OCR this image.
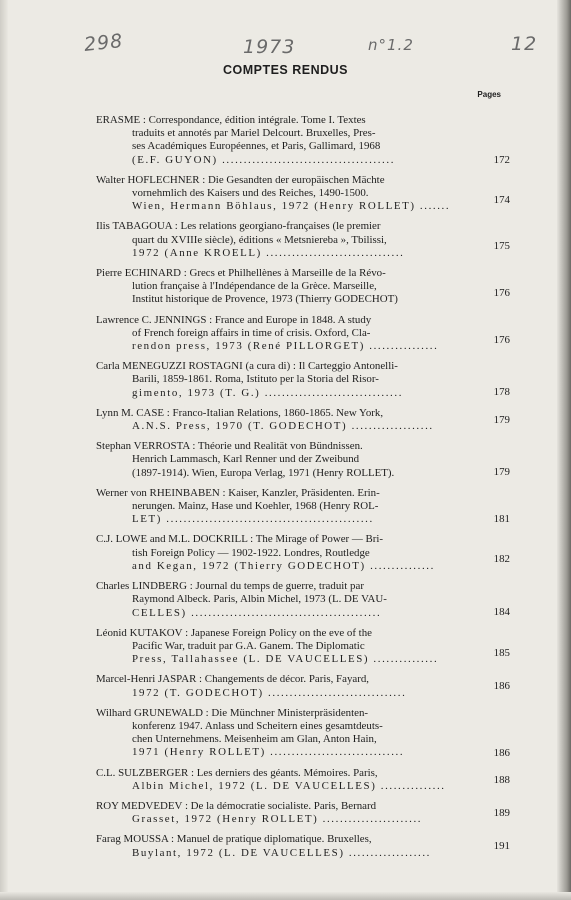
298	1973	n°1.2	12
COMPTES RENDUS
Pages
ERASME : Correspondance, édition intégrale. Tome I. Textes
traduits et annotés par Mariel Delcourt. Bruxelles, Pres-
ses Académiques Européennes, et Paris, Gallimard, 1968
(E.F. GUYON) ........................................	172
Walter HOFLECHNER : Die Gesandten der europäischen Mächte
vornehmlich des Kaisers und des Reiches, 1490-1500.
Wien, Hermann Böhlaus, 1972 (Henry ROLLET) .......
174
Ilis TABAGOUA : Les relations georgiano-françaises (le premier
quart du XVIIIe siècle), éditions « Metsniereba », Tbilissi,
1972 (Anne KROELL) ................................
175
Pierre ECHINARD : Grecs et Philhellènes à Marseille de la Révo-
lution française à l'Indépendance de la Grèce. Marseille,
Institut historique de Provence, 1973 (Thierry GODECHOT)
176
Lawrence C. JENNINGS : France and Europe in 1848. A study
of French foreign affairs in time of crisis. Oxford, Cla-
rendon press, 1973 (René PILLORGET) ................
176
Carla MENEGUZZI ROSTAGNI (a cura di) : Il Carteggio Antonelli-
Barili, 1859-1861. Roma, Istituto per la Storia del Risor-
gimento, 1973 (T. G.) ................................	178
Lynn M. CASE : Franco-Italian Relations, 1860-1865. New York,
A.N.S. Press, 1970 (T. GODECHOT) ...................
179
Stephan VERROSTA : Théorie und Realität von Bündnissen.
Henrich Lammasch, Karl Renner und der Zweibund
(1897-1914). Wien, Europa Verlag, 1971 (Henry ROLLET).	179
Werner von RHEINBABEN : Kaiser, Kanzler, Präsidenten. Erin-
nerungen. Mainz, Hase und Koehler, 1968 (Henry ROL-
LET) ................................................	181
C.J. LOWE and M.L. DOCKRILL : The Mirage of Power — Bri-
tish Foreign Policy — 1902-1922. Londres, Routledge
and Kegan, 1972 (Thierry GODECHOT) ...............
182
Charles LINDBERG : Journal du temps de guerre, traduit par
Raymond Albeck. Paris, Albin Michel, 1973 (L. DE VAU-
CELLES) ............................................	184
Léonid KUTAKOV : Japanese Foreign Policy on the eve of the
Pacific War, traduit par G.A. Ganem. The Diplomatic
Press, Tallahassee (L. DE VAUCELLES) ...............
185
Marcel-Henri JASPAR : Changements de décor. Paris, Fayard,
1972 (T. GODECHOT) ................................
186
Wilhard GRUNEWALD : Die Münchner Ministerpräsidenten-
konferenz 1947. Anlass und Scheitern eines gesamtdeuts-
chen Unternehmens. Meisenheim am Glan, Anton Hain,
1971 (Henry ROLLET) ...............................	186
C.L. SULZBERGER : Les derniers des géants. Mémoires. Paris,
Albin Michel, 1972 (L. DE VAUCELLES) ...............
188
ROY MEDVEDEV : De la démocratie socialiste. Paris, Bernard
Grasset, 1972 (Henry ROLLET) .......................
189
Farag MOUSSA : Manuel de pratique diplomatique. Bruxelles,
Buylant, 1972 (L. DE VAUCELLES) ...................
191
